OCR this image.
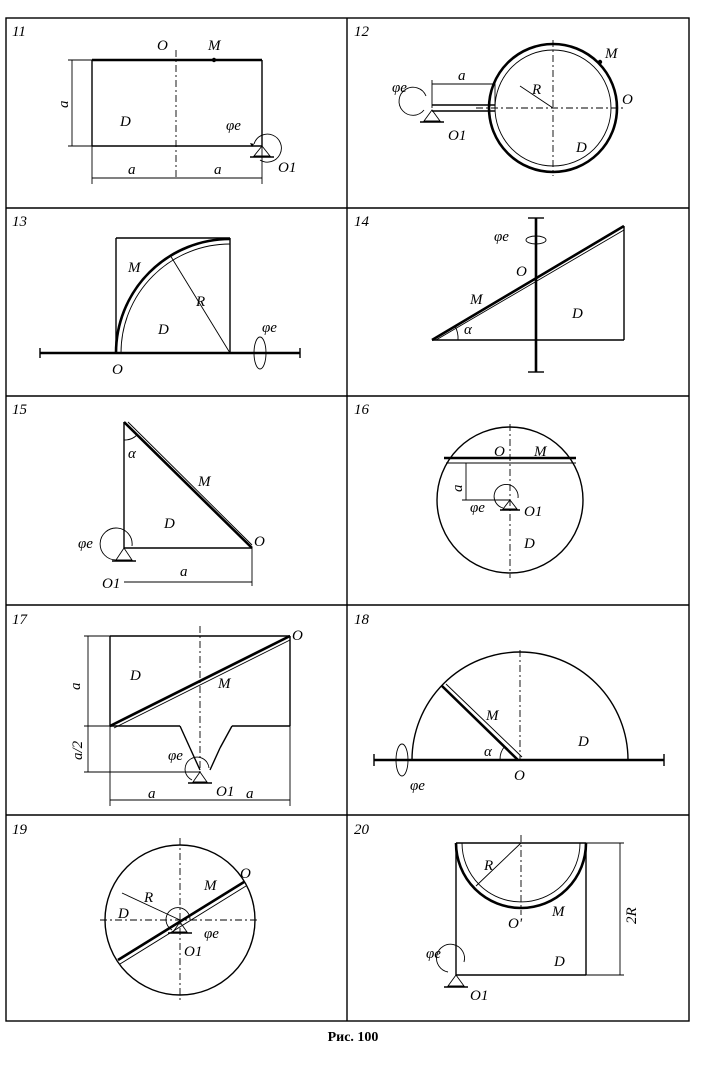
11
O	M
D
a
a	a
φe
O1
12
a
R
M
O
D
φe
O1
13
M
R
D
O
φe
14
φe
O
M
α
D
15
α
M
D
O
φe
O1
a
16
O M
a
φe	O1
D
17
O
D	M
a
a/2	φe
O1
a	a
18
M
α
O
D
φe
19
R
M
O
D
φe
O1
20
R
O'
M	2R
D
φe
O1
Рис. 100
